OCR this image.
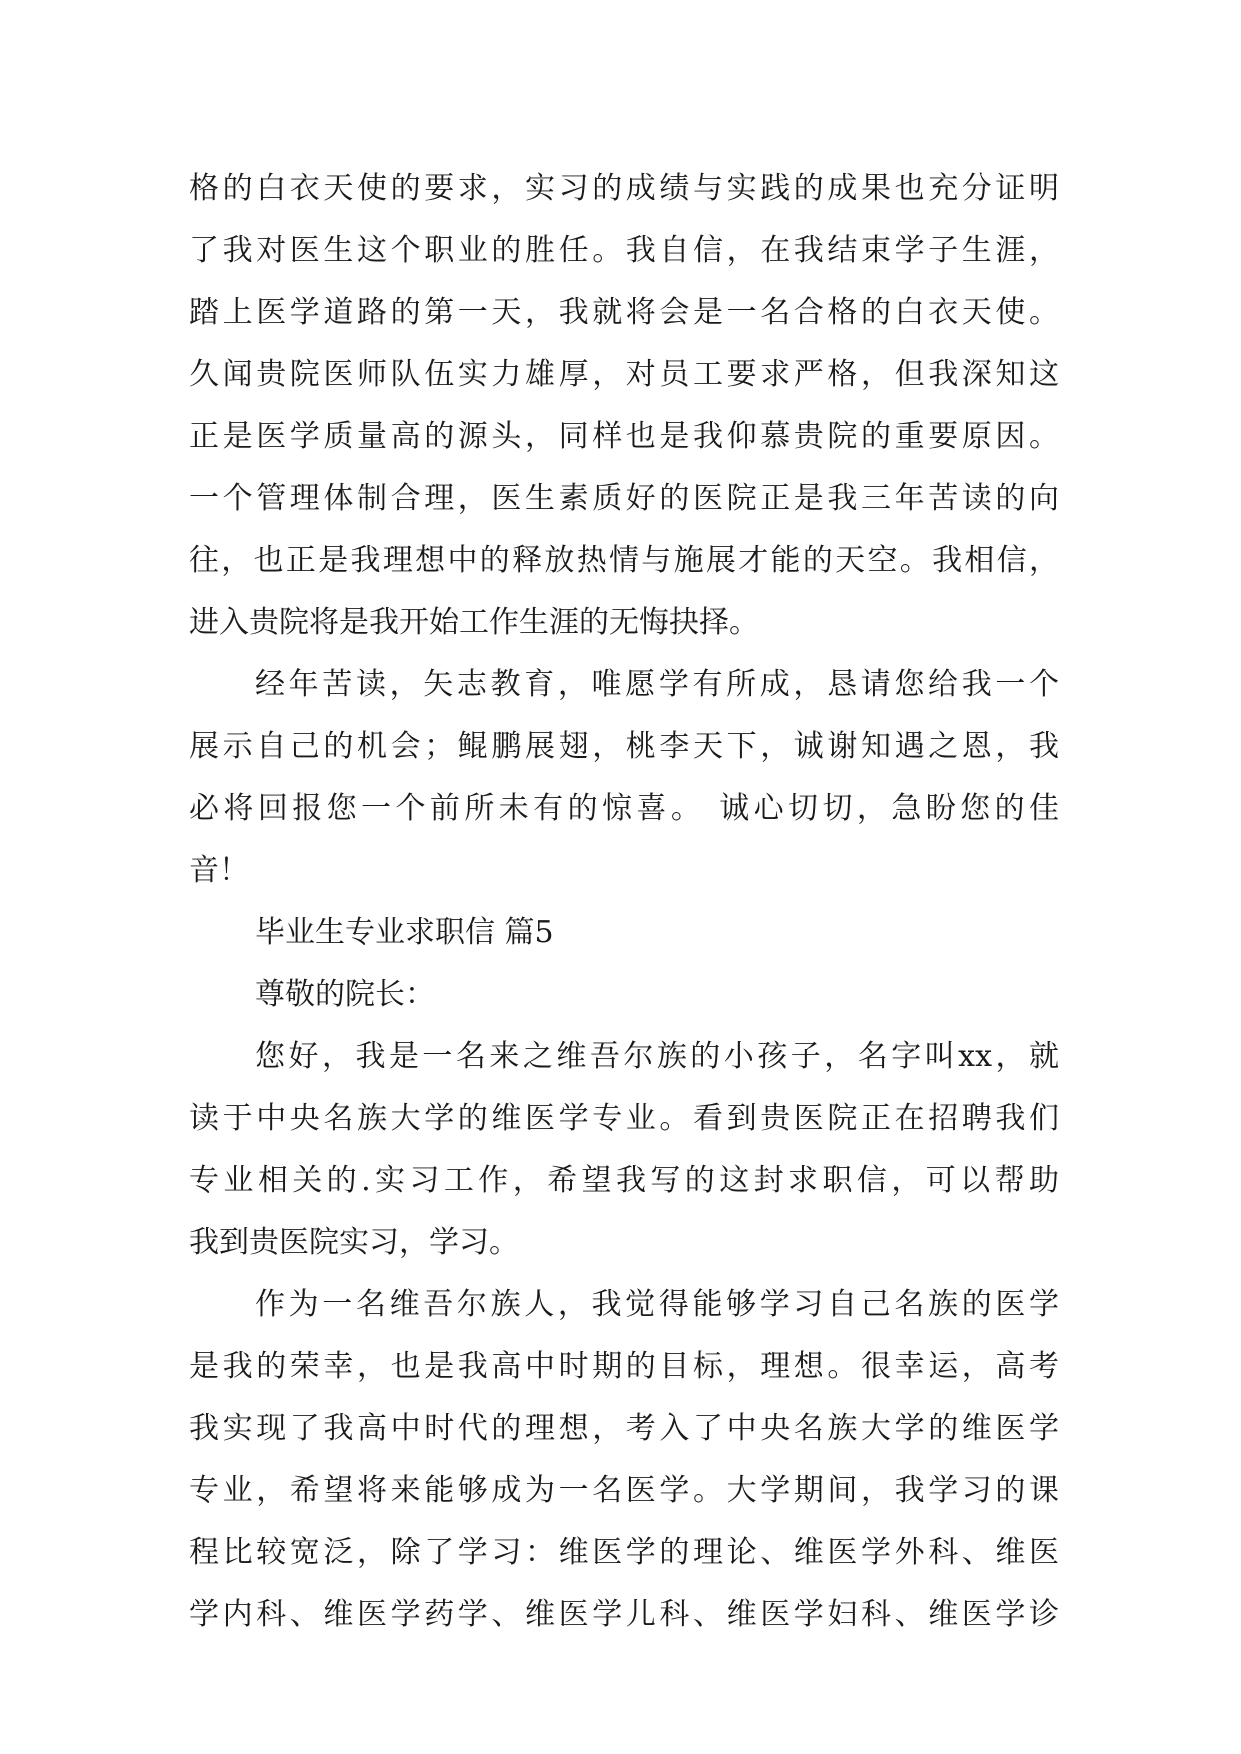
格的白衣天使的要求，实习的成绩与实践的成果也充分证明
了我对医生这个职业的胜任。我自信，在我结束学子生涯，
踏上医学道路的第一天，我就将会是一名合格的白衣天使。
久闻贵院医师队伍实力雄厚，对员工要求严格，但我深知这
正是医学质量高的源头，同样也是我仰慕贵院的重要原因。
一个管理体制合理，医生素质好的医院正是我三年苦读的向
往，也正是我理想中的释放热情与施展才能的天空。我相信，
进入贵院将是我开始工作生涯的无悔抉择。
经年苦读，矢志教育，唯愿学有所成，恳请您给我一个
展示自己的机会；鲲鹏展翅，桃李天下，诚谢知遇之恩，我
必将回报您一个前所未有的惊喜。 诚心切切，急盼您的佳
音！
毕业生专业求职信 篇5
尊敬的院长：
您好，我是一名来之维吾尔族的小孩子，名字叫xx，就
读于中央名族大学的维医学专业。看到贵医院正在招聘我们
专业相关的.实习工作，希望我写的这封求职信，可以帮助
我到贵医院实习，学习。
作为一名维吾尔族人，我觉得能够学习自己名族的医学
是我的荣幸，也是我高中时期的目标，理想。很幸运，高考
我实现了我高中时代的理想，考入了中央名族大学的维医学
专业，希望将来能够成为一名医学。大学期间，我学习的课
程比较宽泛，除了学习：维医学的理论、维医学外科、维医
学内科、维医学药学、维医学儿科、维医学妇科、维医学诊
